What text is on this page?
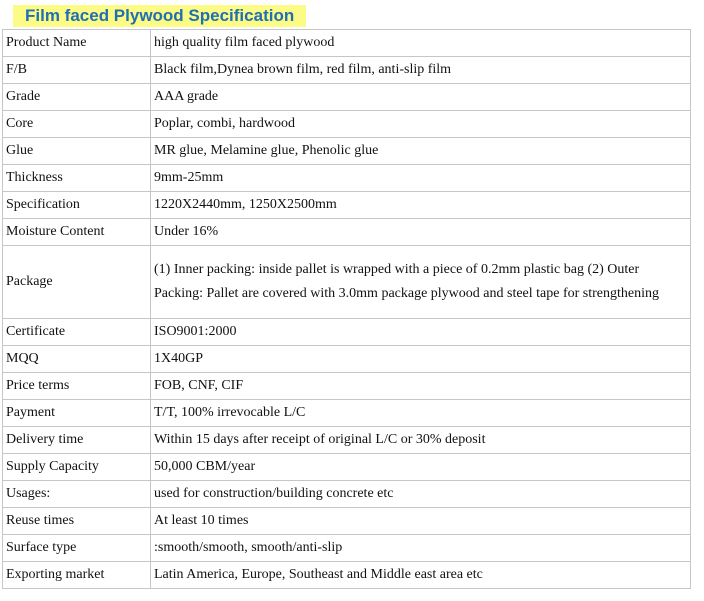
Film faced Plywood Specification
Product Name	high quality film faced plywood
F/B	Black film,Dynea brown film, red film, anti-slip film
Grade	AAA grade
Core	Poplar, combi, hardwood
Glue	MR glue, Melamine glue, Phenolic glue
Thickness	9mm-25mm
Specification	1220X2440mm, 1250X2500mm
Moisture Content	Under 16%
Package	(1) Inner packing: inside pallet is wrapped with a piece of 0.2mm plastic bag (2) Outer Packing: Pallet are covered with 3.0mm package plywood and steel tape for strengthening
Certificate	ISO9001:2000
MQQ	1X40GP
Price terms	FOB, CNF, CIF
Payment	T/T, 100% irrevocable L/C
Delivery time	Within 15 days after receipt of original L/C or 30% deposit
Supply Capacity	50,000 CBM/year
Usages:	used for construction/building concrete etc
Reuse times	At least 10 times
Surface type	:smooth/smooth, smooth/anti-slip
Exporting market	Latin America, Europe, Southeast and Middle east area etc
